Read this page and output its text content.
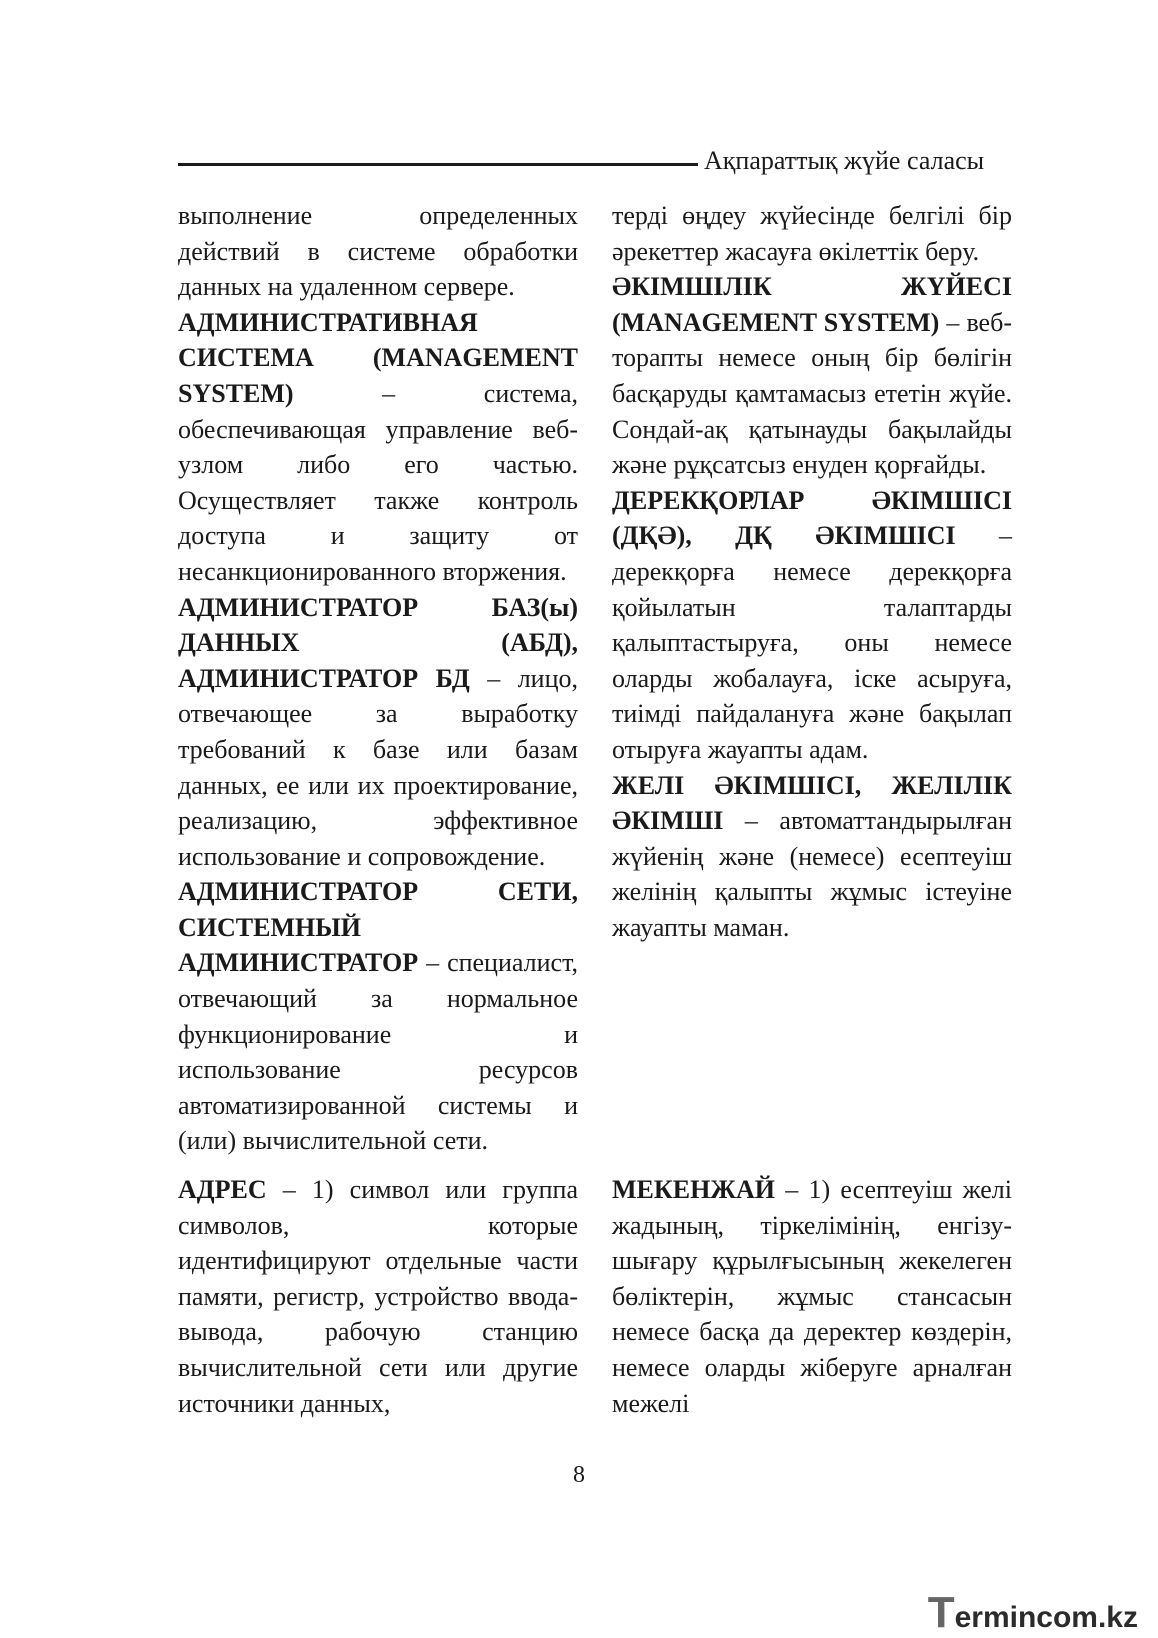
Ақпараттық жүйе саласы

выполнение определенных действий в системе обработки данных на удаленном сервере.

АДМИНИСТРАТИВНАЯ СИСТЕМА (MANAGEMENT SYSTEM) – система, обеспечивающая управление веб-узлом либо его частью. Осуществляет также контроль доступа и защиту от несанкционированного вторжения.

АДМИНИСТРАТОР БАЗ(ы) ДАННЫХ (АБД), АДМИНИСТРАТОР БД – лицо, отвечающее за выработку требований к базе или базам данных, ее или их проектирование, реализацию, эффективное использование и сопровождение.

АДМИНИСТРАТОР СЕТИ, СИСТЕМНЫЙ АДМИНИСТРАТОР – специалист, отвечающий за нормальное функционирование и использование ресурсов автоматизированной системы и (или) вычислительной сети.

терді өңдеу жүйесінде белгілі бір әрекеттер жасауға өкілеттік беру.

ӘКІМШІЛІК ЖҮЙЕСІ (MANAGEMENT SYSTEM) – веб-торапты немесе оның бір бөлігін басқаруды қамтамасыз ететін жүйе. Сондай-ақ қатынауды бақылайды және рұқсатсыз енуден қорғайды.

ДЕРЕКҚОРЛАР ӘКІМШІСІ (ДҚӘ), ДҚ ӘКІМШІСІ – дерекқорға немесе дерекқорға қойылатын талаптарды қалыптастыруға, оны немесе оларды жобалауға, іске асыруға, тиімді пайдалануға және бақылап отыруға жауапты адам.

ЖЕЛІ ӘКІМШІСІ, ЖЕЛІЛІК ӘКІМШІ – автоматтандырылған жүйенің және (немесе) есептеуіш желінің қалыпты жұмыс істеуіне жауапты маман.

АДРЕС – 1) символ или группа символов, которые идентифицируют отдельные части памяти, регистр, устройство ввода-вывода, рабочую станцию вычислительной сети или другие источники данных,

МЕКЕНЖАЙ – 1) есептеуіш желі жадының, тіркелімінің, енгізу-шығару құрылғысының жекелеген бөліктерін, жұмыс стансасын немесе басқа да деректер көздерін, немесе оларды жіберуге арналған межелі

8
Termincom.kz
